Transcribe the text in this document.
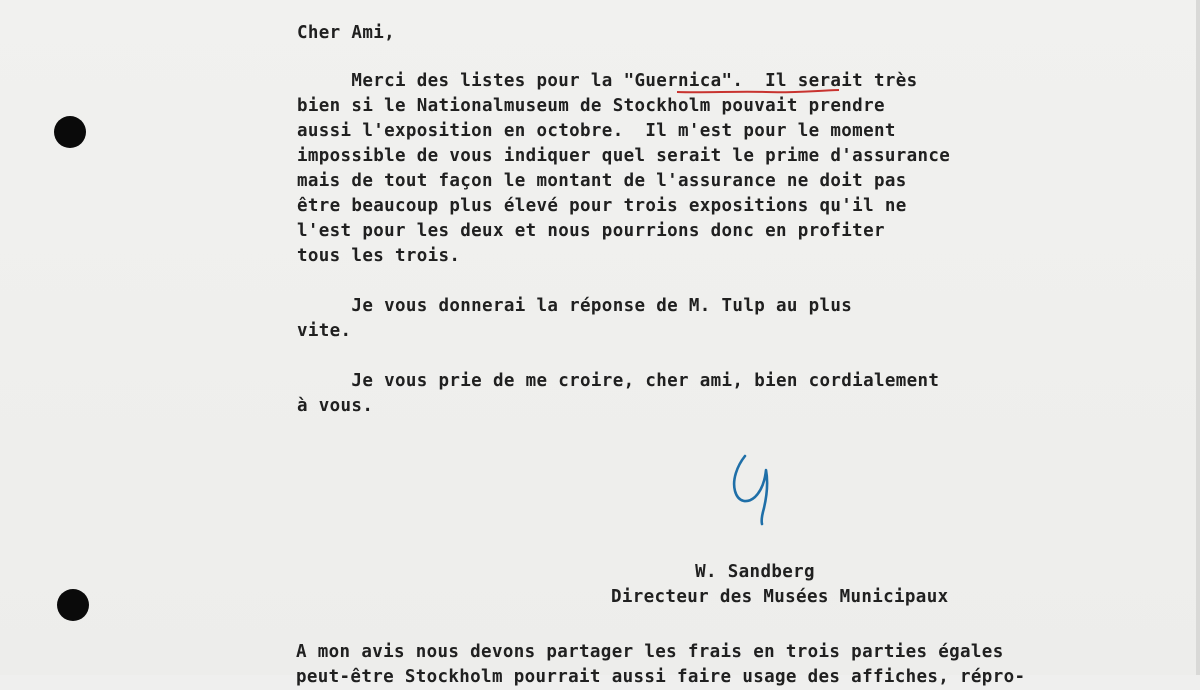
Cher Ami,
Merci des listes pour la "Guernica".  Il serait très
bien si le Nationalmuseum de Stockholm pouvait prendre
aussi l'exposition en octobre.  Il m'est pour le moment
impossible de vous indiquer quel serait le prime d'assurance
mais de tout façon le montant de l'assurance ne doit pas
être beaucoup plus élevé pour trois expositions qu'il ne
l'est pour les deux et nous pourrions donc en profiter
tous les trois.
Je vous donnerai la réponse de M. Tulp au plus
vite.
Je vous prie de me croire, cher ami, bien cordialement
à vous.
W. Sandberg
Directeur des Musées Municipaux
A mon avis nous devons partager les frais en trois parties égales
peut-être Stockholm pourrait aussi faire usage des affiches, répro-
